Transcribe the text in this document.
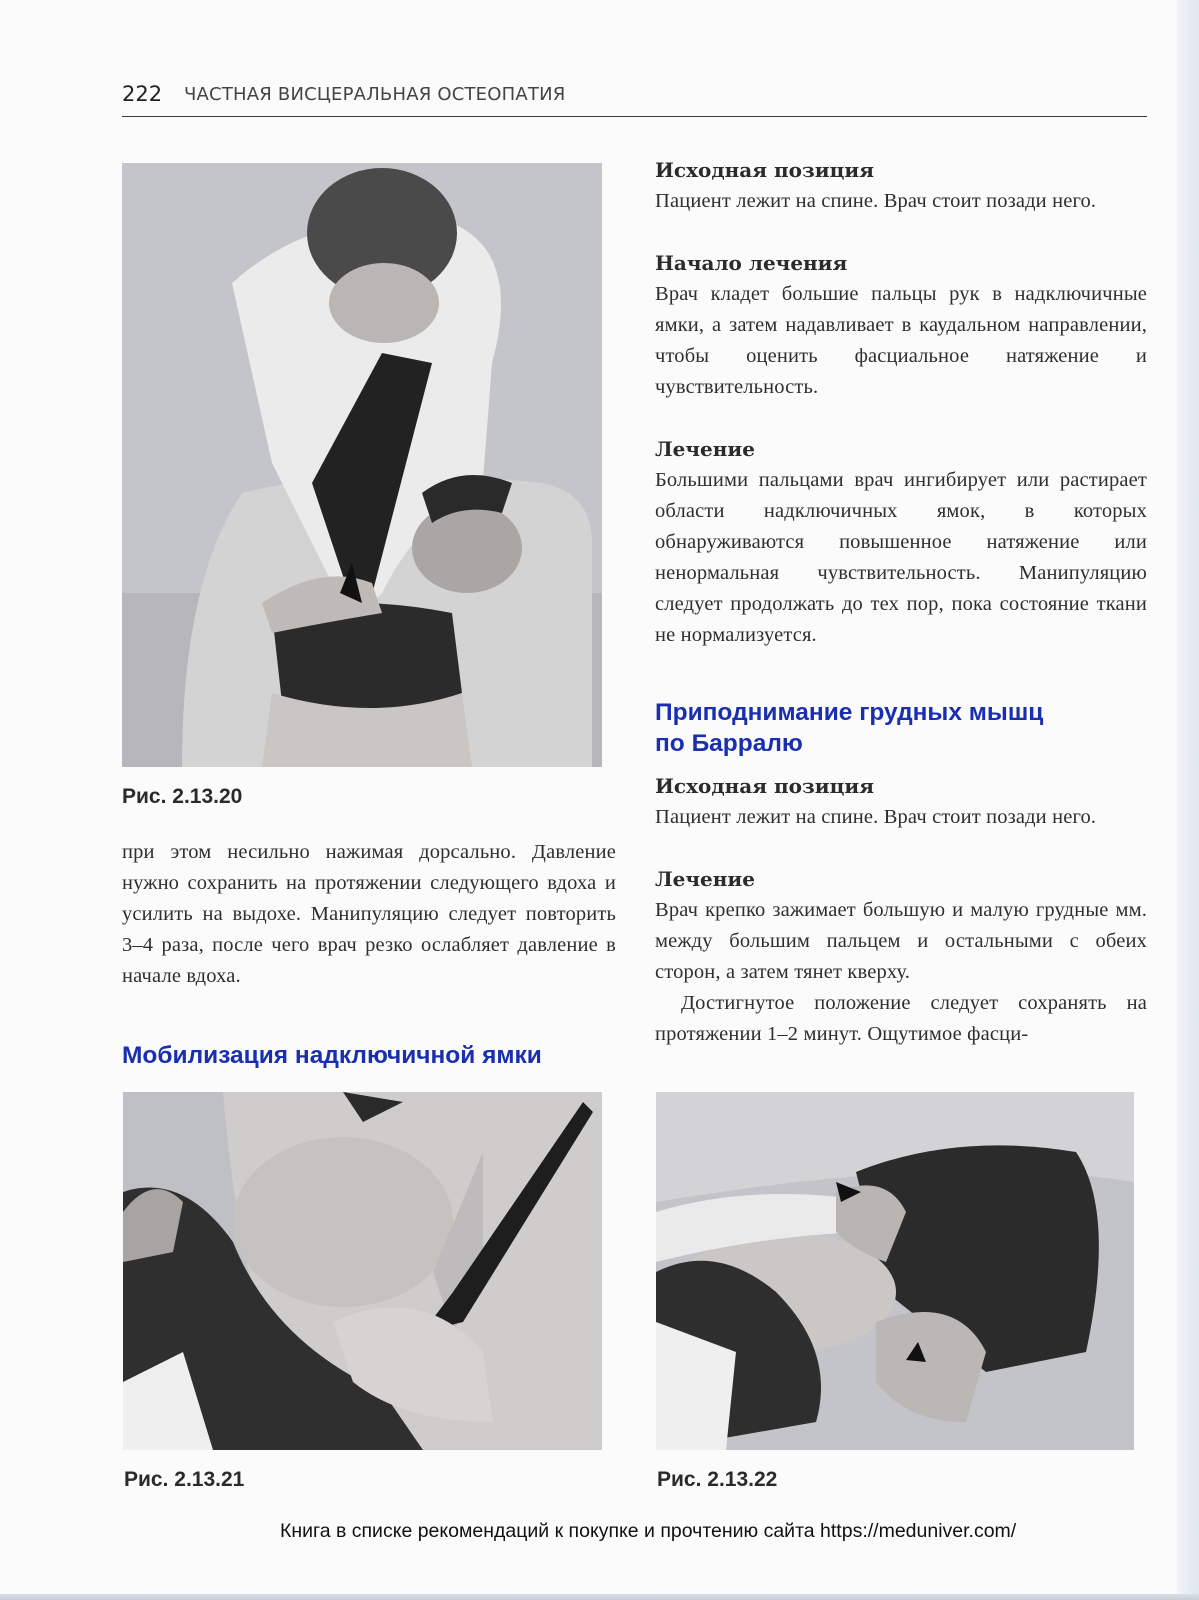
222 ЧАСТНАЯ ВИСЦЕРАЛЬНАЯ ОСТЕОПАТИЯ
Рис. 2.13.20

при этом несильно нажимая дорсально. Давление нужно сохранить на протяжении следующего вдоха и усилить на выдохе. Манипуляцию следует повторить 3–4 раза, после чего врач резко ослабляет давление в начале вдоха.

Мобилизация надключичной ямки

Исходная позиция

Пациент лежит на спине. Врач стоит позади него.

Начало лечения

Врач кладет большие пальцы рук в надключичные ямки, а затем надавливает в каудальном направлении, чтобы оценить фасциальное натяжение и чувствительность.

Лечение

Большими пальцами врач ингибирует или растирает области надключичных ямок, в которых обнаруживаются повышенное натяжение или ненормальная чувствительность. Манипуляцию следует продолжать до тех пор, пока состояние ткани не нормализуется.

Приподнимание грудных мышц

по Барралю

Исходная позиция

Пациент лежит на спине. Врач стоит позади него.

Лечение

Врач крепко зажимает большую и малую грудные мм. между большим пальцем и остальными с обеих сторон, а затем тянет кверху.

Достигнутое положение следует сохранять на протяжении 1–2 минут. Ощутимое фасци-

Рис. 2.13.21	Рис. 2.13.22
Книга в списке рекомендаций к покупке и прочтению сайта https://meduniver.com/
